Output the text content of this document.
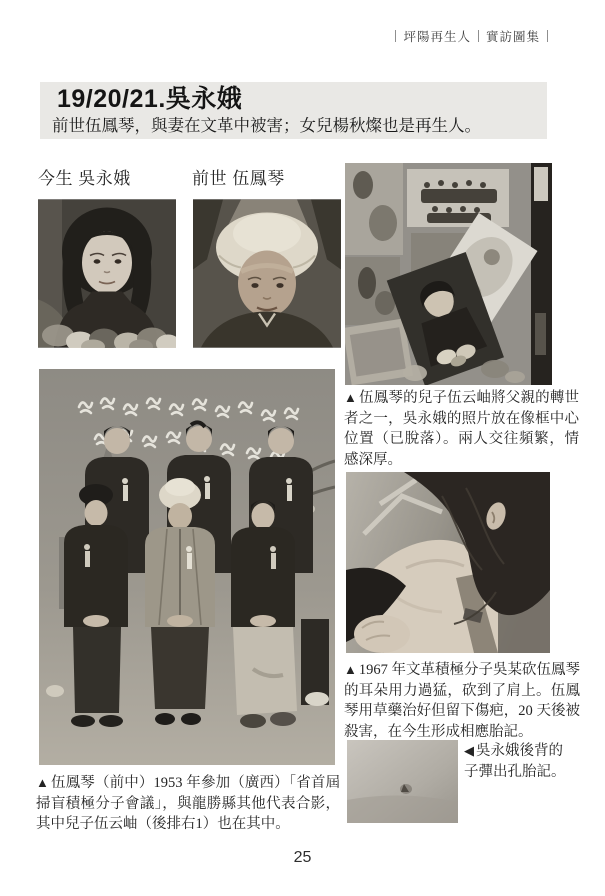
坪陽再生人 實訪圖集
19/20/21.吳永娥
前世伍鳳琴，與妻在文革中被害；女兒楊秋燦也是再生人。
今生 吳永娥	前世 伍鳳琴
▲ 伍鳳琴的兒子伍云岫將父親的轉世者之一，吳永娥的照片放在像框中心位置（已脫落）。兩人交往頻繁，情感深厚。
▲ 1967 年文革積極分子吳某砍伍鳳琴的耳朵用力過猛，砍到了肩上。伍鳳琴用草藥治好但留下傷疤，20 天後被殺害，在今生形成相應胎記。
◀ 吳永娥後背的子彈出孔胎記。
▲ 伍鳳琴（前中）1953 年參加（廣西）「省首屆掃盲積極分子會議」，與龍勝縣其他代表合影，其中兒子伍云岫（後排右1）也在其中。
25
